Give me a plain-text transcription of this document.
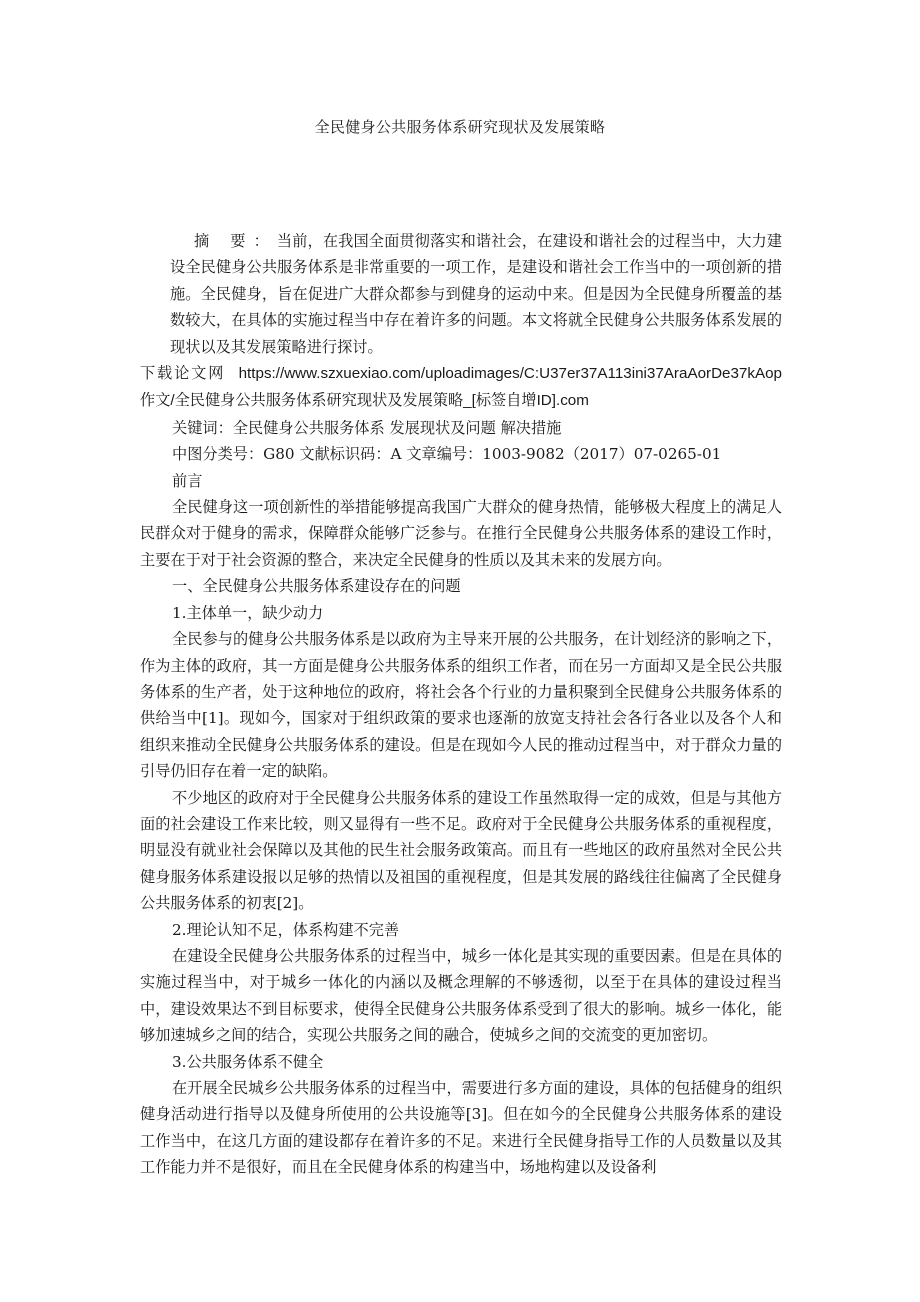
全民健身公共服务体系研究现状及发展策略

摘 要：当前，在我国全面贯彻落实和谐社会，在建设和谐社会的过程当中，大力建设全民健身公共服务体系是非常重要的一项工作，是建设和谐社会工作当中的一项创新的措施。全民健身，旨在促进广大群众都参与到健身的运动中来。但是因为全民健身所覆盖的基数较大，在具体的实施过程当中存在着许多的问题。本文将就全民健身公共服务体系发展的现状以及其发展策略进行探讨。

下载论文网 https://www.szxuexiao.com/uploadimages/C:U37er37A113ini37AraAorDe37kAop作文/全民健身公共服务体系研究现状及发展策略_[标签自增ID].com

关键词：全民健身公共服务体系 发展现状及问题 解决措施

中图分类号：G80 文献标识码：A 文章编号：1003-9082（2017）07-0265-01

前言

全民健身这一项创新性的举措能够提高我国广大群众的健身热情，能够极大程度上的满足人民群众对于健身的需求，保障群众能够广泛参与。在推行全民健身公共服务体系的建设工作时，主要在于对于社会资源的整合，来决定全民健身的性质以及其未来的发展方向。

一、全民健身公共服务体系建设存在的问题

1.主体单一，缺少动力

全民参与的健身公共服务体系是以政府为主导来开展的公共服务，在计划经济的影响之下，作为主体的政府，其一方面是健身公共服务体系的组织工作者，而在另一方面却又是全民公共服务体系的生产者，处于这种地位的政府，将社会各个行业的力量积聚到全民健身公共服务体系的供给当中[1]。现如今，国家对于组织政策的要求也逐渐的放宽支持社会各行各业以及各个人和组织来推动全民健身公共服务体系的建设。但是在现如今人民的推动过程当中，对于群众力量的引导仍旧存在着一定的缺陷。

不少地区的政府对于全民健身公共服务体系的建设工作虽然取得一定的成效，但是与其他方面的社会建设工作来比较，则又显得有一些不足。政府对于全民健身公共服务体系的重视程度，明显没有就业社会保障以及其他的民生社会服务政策高。而且有一些地区的政府虽然对全民公共健身服务体系建设报以足够的热情以及祖国的重视程度，但是其发展的路线往往偏离了全民健身公共服务体系的初衷[2]。

2.理论认知不足，体系构建不完善

在建设全民健身公共服务体系的过程当中，城乡一体化是其实现的重要因素。但是在具体的实施过程当中，对于城乡一体化的内涵以及概念理解的不够透彻，以至于在具体的建设过程当中，建设效果达不到目标要求，使得全民健身公共服务体系受到了很大的影响。城乡一体化，能够加速城乡之间的结合，实现公共服务之间的融合，使城乡之间的交流变的更加密切。

3.公共服务体系不健全

在开展全民城乡公共服务体系的过程当中，需要进行多方面的建设，具体的包括健身的组织健身活动进行指导以及健身所使用的公共设施等[3]。但在如今的全民健身公共服务体系的建设工作当中，在这几方面的建设都存在着许多的不足。来进行全民健身指导工作的人员数量以及其工作能力并不是很好，而且在全民健身体系的构建当中，场地构建以及设备利
